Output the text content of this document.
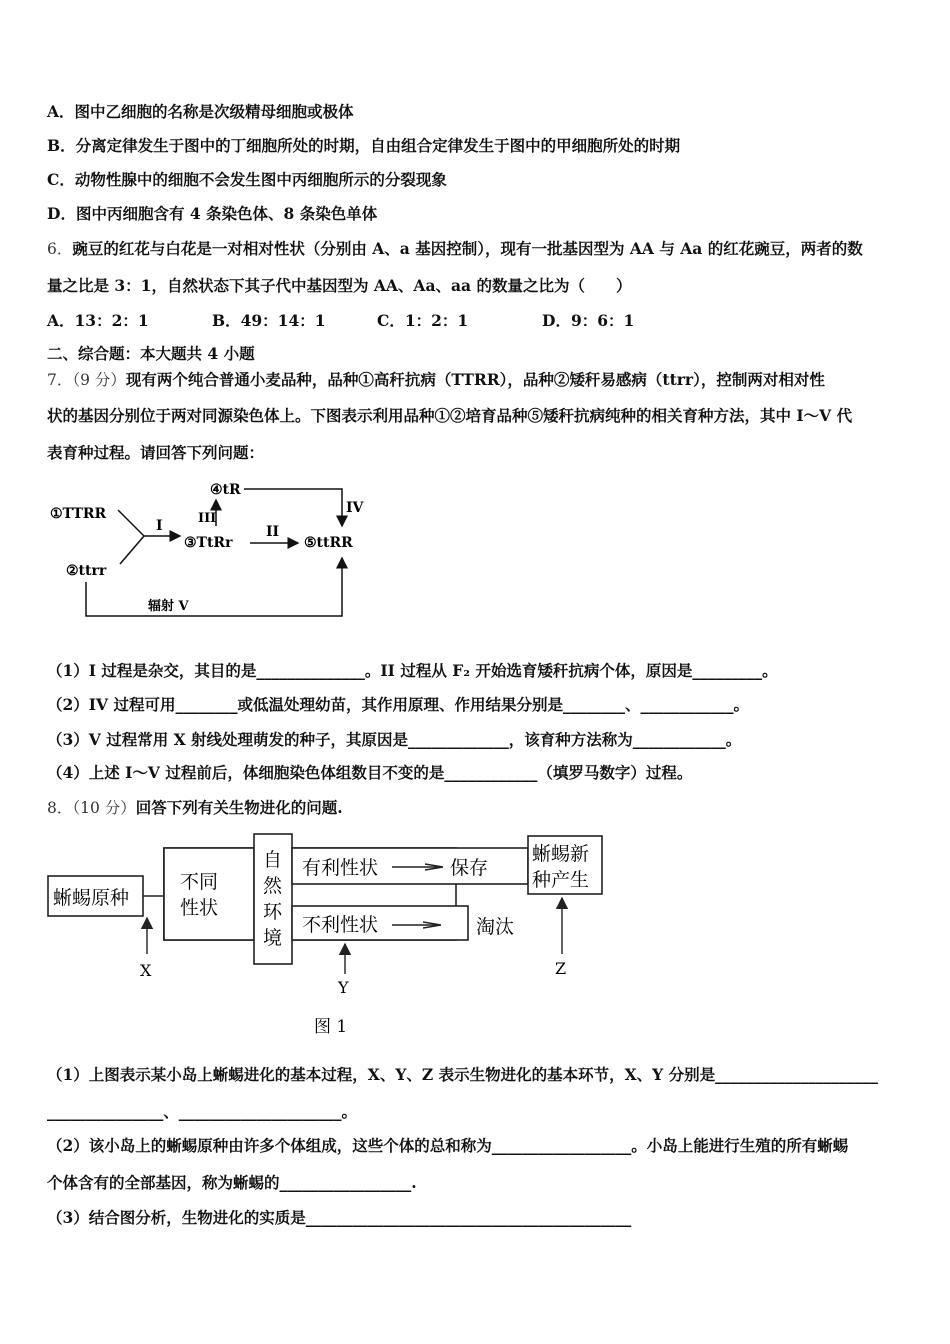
A．图中乙细胞的名称是次级精母细胞或极体
B．分离定律发生于图中的丁细胞所处的时期，自由组合定律发生于图中的甲细胞所处的时期
C．动物性腺中的细胞不会发生图中丙细胞所示的分裂现象
D．图中丙细胞含有 4 条染色体、8 条染色单体
6．豌豆的红花与白花是一对相对性状（分别由 A、a 基因控制），现有一批基因型为 AA 与 Aa 的红花豌豆，两者的数
量之比是 3：1，自然状态下其子代中基因型为 AA、Aa、aa 的数量之比为（　　）
A．13：2：1	B．49：14：1	C．1：2：1	D．9：6：1
二、综合题：本大题共 4 小题
7．（9 分）现有两个纯合普通小麦品种，品种①高秆抗病（TTRR），品种②矮秆易感病（ttrr），控制两对相对性
状的基因分别位于两对同源染色体上。下图表示利用品种①②培育品种⑤矮秆抗病纯种的相关育种方法，其中 I～V 代
表育种过程。请回答下列问题：
①TTRR
②ttrr
I
③TtRr
III
④tR
IV
II
⑤ttRR
辐射 V
（1）I 过程是杂交，其目的是______________。II 过程从 F₂ 开始选育矮秆抗病个体，原因是_________。
（2）IV 过程可用________或低温处理幼苗，其作用原理、作用结果分别是________、____________。
（3）V 过程常用 X 射线处理萌发的种子，其原因是_____________，该育种方法称为____________。
（4）上述 I～V 过程前后，体细胞染色体组数目不变的是____________（填罗马数字）过程。
8．（10 分）回答下列有关生物进化的问题.
蜥蜴原种
不同
性状
自
然
环
境
有利性状	保存
不利性状	淘汰
蜥蜴新
种产生
X
Y
Z
图 1
（1）上图表示某小岛上蜥蜴进化的基本过程，X、Y、Z 表示生物进化的基本环节，X、Y 分别是_____________________
_______________、_____________________。
（2）该小岛上的蜥蜴原种由许多个体组成，这些个体的总和称为__________________。小岛上能进行生殖的所有蜥蜴
个体含有的全部基因，称为蜥蜴的_________________.
（3）结合图分析，生物进化的实质是__________________________________________
